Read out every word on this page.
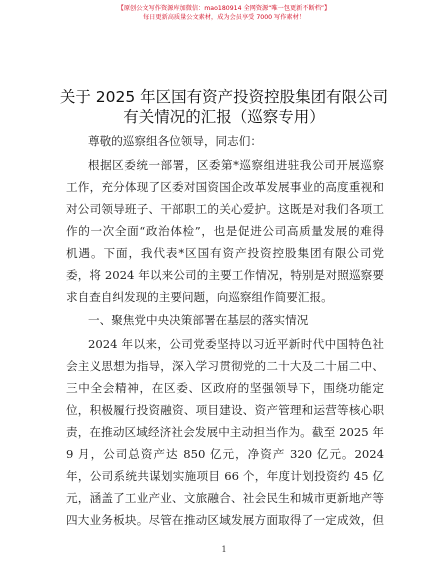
【原创公文写作资源库加微信：mao180914 全网资源“唯一包更新不断档”】
每日更新高质量公文素材，成为会员享受 7000 写作素材！
关于 2025 年区国有资产投资控股集团有限公司
有关情况的汇报（巡察专用）
尊敬的巡察组各位领导，同志们：
根据区委统一部署，区委第*巡察组进驻我公司开展巡察
工作，充分体现了区委对国资国企改革发展事业的高度重视和
对公司领导班子、干部职工的关心爱护。这既是对我们各项工
作的一次全面“政治体检”，也是促进公司高质量发展的难得
机遇。下面，我代表*区国有资产投资控股集团有限公司党
委，将 2024 年以来公司的主要工作情况，特别是对照巡察要
求自查自纠发现的主要问题，向巡察组作简要汇报。
一、聚焦党中央决策部署在基层的落实情况
2024 年以来，公司党委坚持以习近平新时代中国特色社
会主义思想为指导，深入学习贯彻党的二十大及二十届二中、
三中全会精神，在区委、区政府的坚强领导下，围绕功能定
位，积极履行投资融资、项目建设、资产管理和运营等核心职
责，在推动区域经济社会发展中主动担当作为。截至 2025 年
9 月，公司总资产达 850 亿元，净资产 320 亿元。2024
年，公司系统共谋划实施项目 66 个，年度计划投资约 45 亿
元，涵盖了工业产业、文旅融合、社会民生和城市更新地产等
四大业务板块。尽管在推动区域发展方面取得了一定成效，但
1
